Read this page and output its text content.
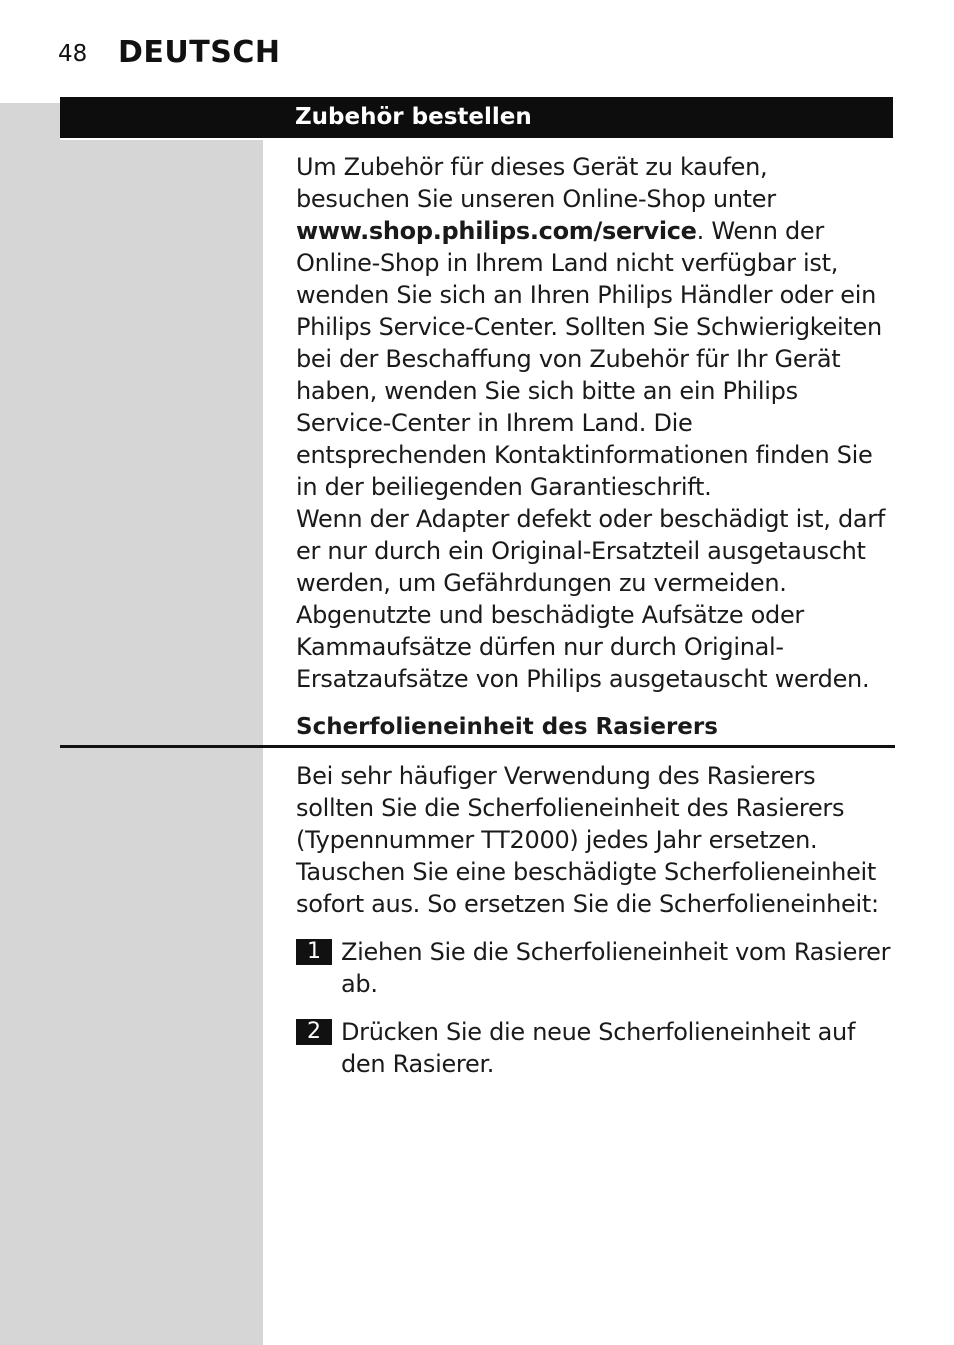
48 DEUTSCH
Zubehör bestellen

Um Zubehör für dieses Gerät zu kaufen, besuchen Sie unseren Online-Shop unter www.shop.philips.com/service. Wenn der Online-Shop in Ihrem Land nicht verfügbar ist, wenden Sie sich an Ihren Philips Händler oder ein Philips Service-Center. Sollten Sie Schwierigkeiten bei der Beschaffung von Zubehör für Ihr Gerät haben, wenden Sie sich bitte an ein Philips Service-Center in Ihrem Land. Die entsprechenden Kontaktinformationen finden Sie in der beiliegenden Garantieschrift.

Wenn der Adapter defekt oder beschädigt ist, darf er nur durch ein Original-Ersatzteil ausgetauscht werden, um Gefährdungen zu vermeiden.

Abgenutzte und beschädigte Aufsätze oder Kammaufsätze dürfen nur durch Original-Ersatzaufsätze von Philips ausgetauscht werden.

Scherfolieneinheit des Rasierers

Bei sehr häufiger Verwendung des Rasierers sollten Sie die Scherfolieneinheit des Rasierers (Typennummer TT2000) jedes Jahr ersetzen. Tauschen Sie eine beschädigte Scherfolieneinheit sofort aus. So ersetzen Sie die Scherfolieneinheit:

1 Ziehen Sie die Scherfolieneinheit vom Rasierer ab.
2 Drücken Sie die neue Scherfolieneinheit auf den Rasierer.
